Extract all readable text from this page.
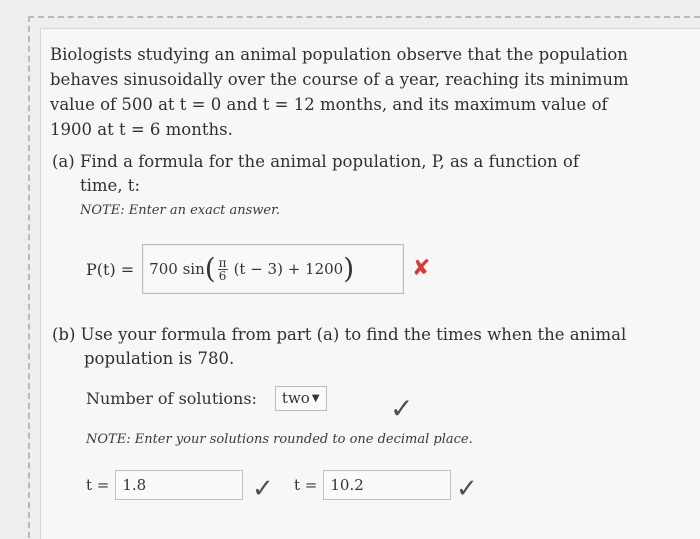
Biologists studying an animal population observe that the population
behaves sinusoidally over the course of a year, reaching its minimum
value of 500 at t = 0 and t = 12 months, and its maximum value of
1900 at t = 6 months.
(a) Find a formula for the animal population, P, as a function of
time, t:
NOTE: Enter an exact answer.
P(t) = 700 sin ( $\frac{\pi}{6} (t - 3) + 1200$ )	✘
(b) Use your formula from part (a) to find the times when the animal
population is 780.
Number of solutions: two ▼	✓
NOTE: Enter your solutions rounded to one decimal place.
t = 1.8	✓ t = 10.2	✓
